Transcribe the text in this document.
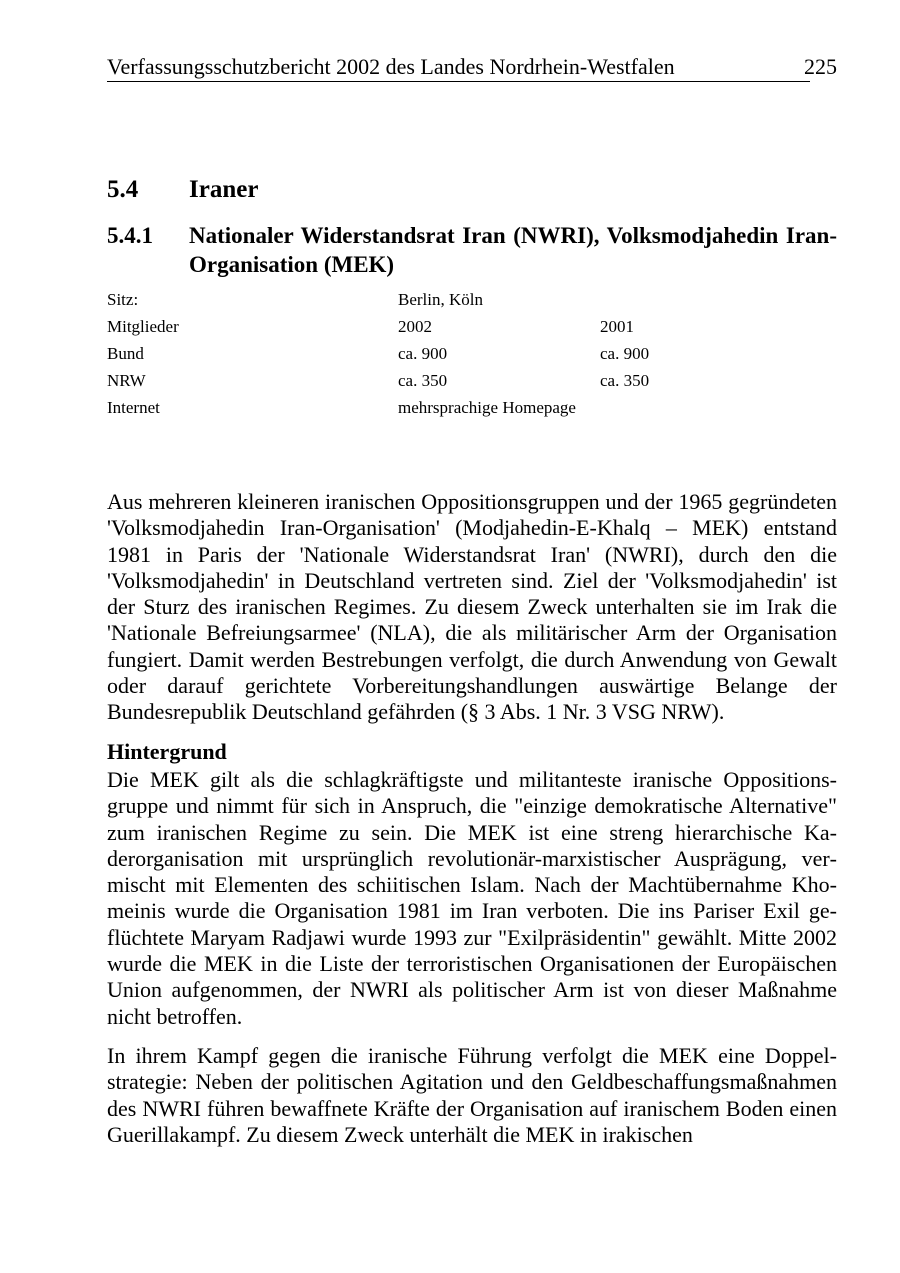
Verfassungsschutzbericht 2002 des Landes Nordrhein-Westfalen	225
5.4 Iraner
5.4.1 Nationaler Widerstandsrat Iran (NWRI), Volksmodjahedin Iran-Organisation (MEK)
Sitz:	Berlin, Köln
Mitglieder	2002	2001
Bund	ca. 900	ca. 900
NRW	ca. 350	ca. 350
Internet	mehrsprachige Homepage

Aus mehreren kleineren iranischen Oppositionsgruppen und der 1965 gegründeten 'Volksmodjahedin Iran-Organisation' (Modjahedin-E-Khalq – MEK) entstand 1981 in Paris der 'Nationale Widerstandsrat Iran' (NWRI), durch den die 'Volksmodjahedin' in Deutschland vertreten sind. Ziel der 'Volksmodjahedin' ist der Sturz des iranischen Regimes. Zu diesem Zweck unterhalten sie im Irak die 'Nationale Befreiungsarmee' (NLA), die als militärischer Arm der Organisation fungiert. Damit werden Bestrebungen verfolgt, die durch Anwendung von Gewalt oder darauf gerichtete Vorbereitungshandlungen auswärtige Belange der Bundesrepublik Deutschland gefährden (§ 3 Abs. 1 Nr. 3 VSG NRW).

Hintergrund

Die MEK gilt als die schlagkräftigste und militanteste iranische Oppositionsgruppe und nimmt für sich in Anspruch, die "einzige demokratische Alternative" zum iranischen Regime zu sein. Die MEK ist eine streng hierarchische Kaderorganisation mit ursprünglich revolutionär-marxistischer Ausprägung, vermischt mit Elementen des schiitischen Islam. Nach der Machtübernahme Khomeinis wurde die Organisation 1981 im Iran verboten. Die ins Pariser Exil geflüchtete Maryam Radjawi wurde 1993 zur "Exilpräsidentin" gewählt. Mitte 2002 wurde die MEK in die Liste der terroristischen Organisationen der Europäischen Union aufgenommen, der NWRI als politischer Arm ist von dieser Maßnahme nicht betroffen.

In ihrem Kampf gegen die iranische Führung verfolgt die MEK eine Doppelstrategie: Neben der politischen Agitation und den Geldbeschaffungsmaßnahmen des NWRI führen bewaffnete Kräfte der Organisation auf iranischem Boden einen Guerillakampf. Zu diesem Zweck unterhält die MEK in irakischen
